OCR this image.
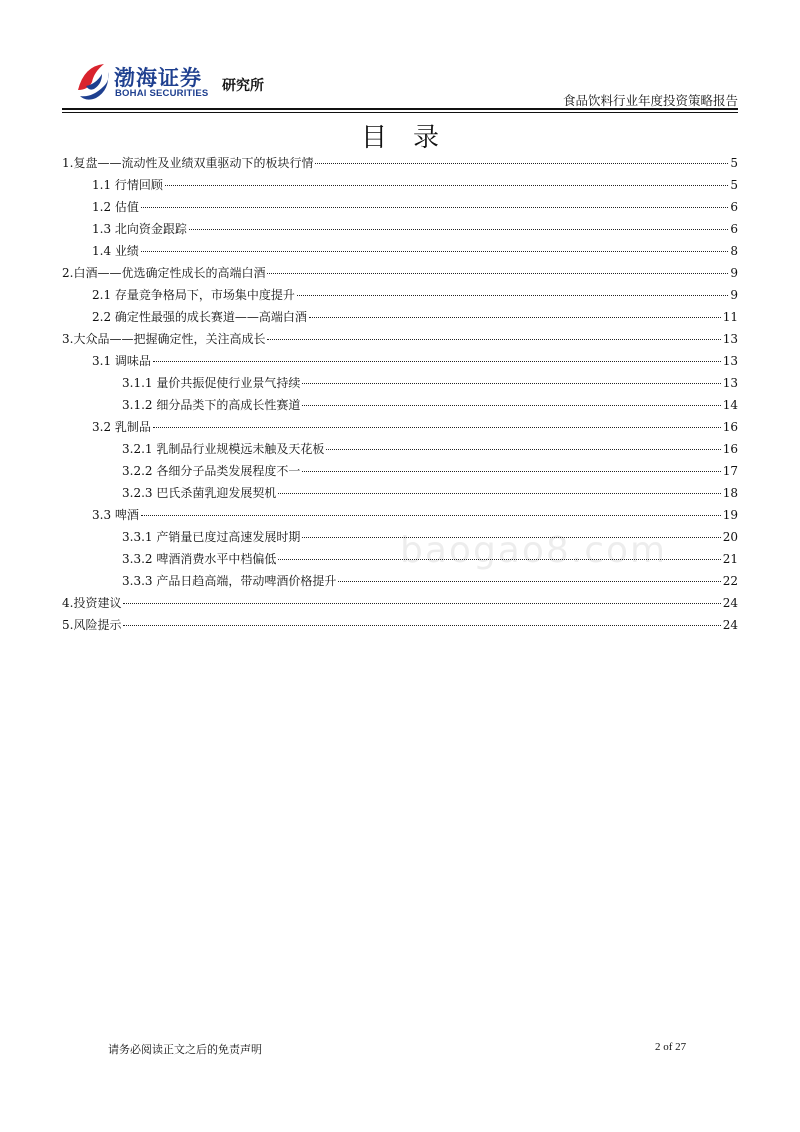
渤海证券
BOHAI SECURITIES 研究所
食品饮料行业年度投资策略报告
目录
1.复盘——流动性及业绩双重驱动下的板块行情	5
1.1 行情回顾	5
1.2 估值	6
1.3 北向资金跟踪	6
1.4 业绩	8
2.白酒——优选确定性成长的高端白酒	9
2.1 存量竞争格局下，市场集中度提升	9
2.2 确定性最强的成长赛道——高端白酒	11
3.大众品——把握确定性，关注高成长	13
3.1 调味品	13
3.1.1 量价共振促使行业景气持续	13
3.1.2 细分品类下的高成长性赛道	14
3.2 乳制品	16
3.2.1 乳制品行业规模远未触及天花板	16
3.2.2 各细分子品类发展程度不一	17
3.2.3 巴氏杀菌乳迎发展契机	18
3.3 啤酒	19
3.3.1 产销量已度过高速发展时期	20
3.3.2 啤酒消费水平中档偏低	21
3.3.3 产品日趋高端，带动啤酒价格提升	22
4.投资建议	24
5.风险提示	24
baogao8.com
请务必阅读正文之后的免责声明	2 of 27
